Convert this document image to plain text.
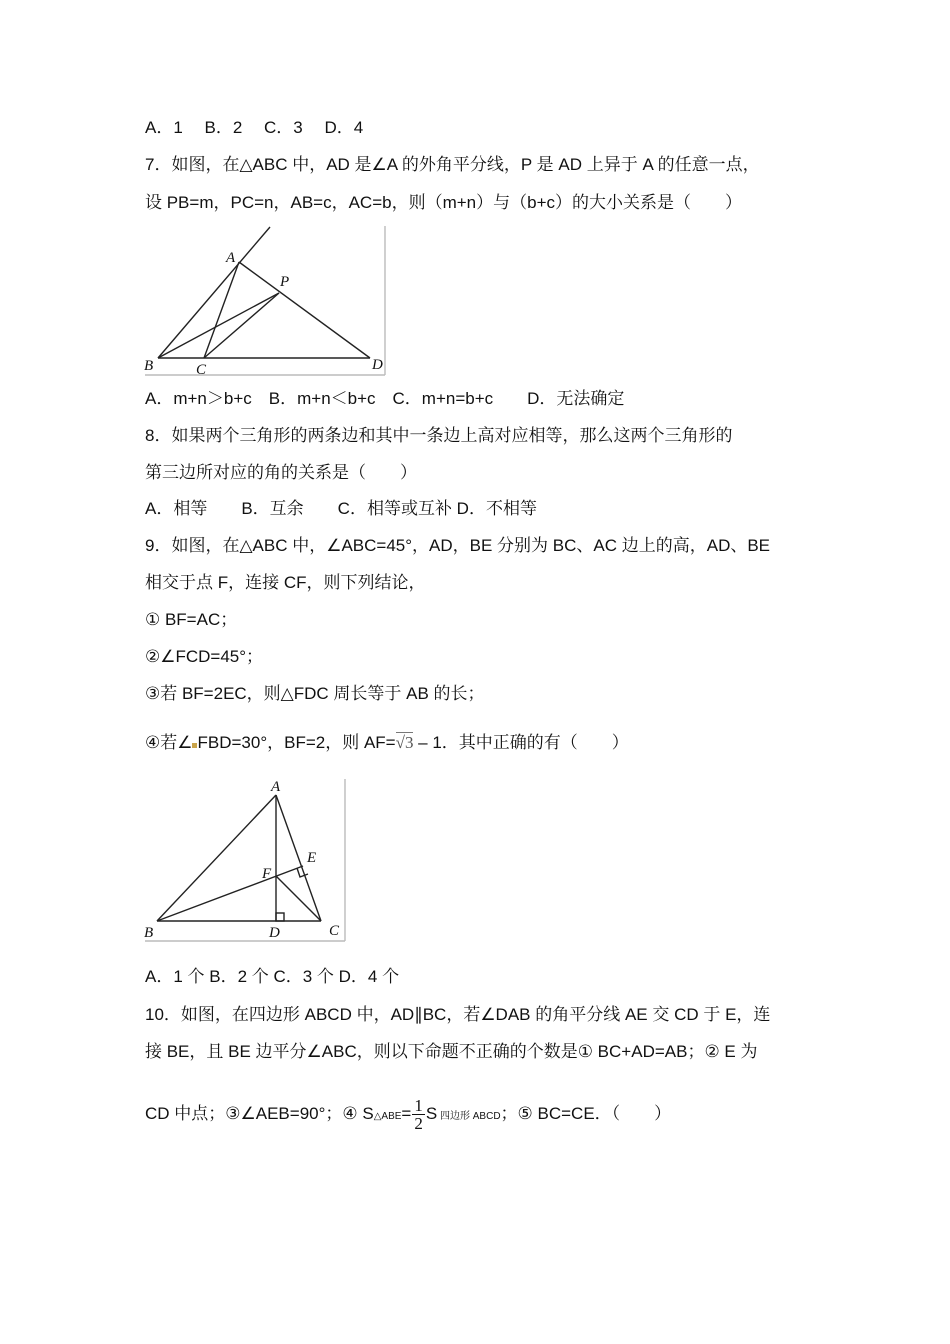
A．1　 B．2　 C．3　 D．4
7．如图，在△ABC 中，AD 是∠A 的外角平分线，P 是 AD 上异于 A 的任意一点，
设 PB=m，PC=n，AB=c，AC=b，则（m+n）与（b+c）的大小关系是（　　）
A
P
B	C	D
A
E
F
B	D	C
A．m+n＞b+c　B．m+n＜b+c　C．m+n=b+c　　D．无法确定
8．如果两个三角形的两条边和其中一条边上高对应相等，那么这两个三角形的
第三边所对应的角的关系是（　　）
A．相等　　B．互余　　C．相等或互补 D．不相等
9．如图，在△ABC 中，∠ABC=45°，AD，BE 分别为 BC、AC 边上的高，AD、BE
相交于点 F，连接 CF，则下列结论，
① BF=AC；
②∠FCD=45°；
③若 BF=2EC，则△FDC 周长等于 AB 的长；
④若∠ FBD=30°，BF=2，则 AF=√3 – 1．其中正确的有（　　）
A．1 个 B．2 个 C．3 个 D．4 个
10．如图，在四边形 ABCD 中，AD∥BC，若∠DAB 的角平分线 AE 交 CD 于 E，连
接 BE，且 BE 边平分∠ABC，则以下命题不正确的个数是① BC+AD=AB；② E 为
CD 中点；③∠AEB=90°；④ S△ABE= $\frac{1}{2}$ S 四边形 ABCD；⑤ BC=CE．（　　）
